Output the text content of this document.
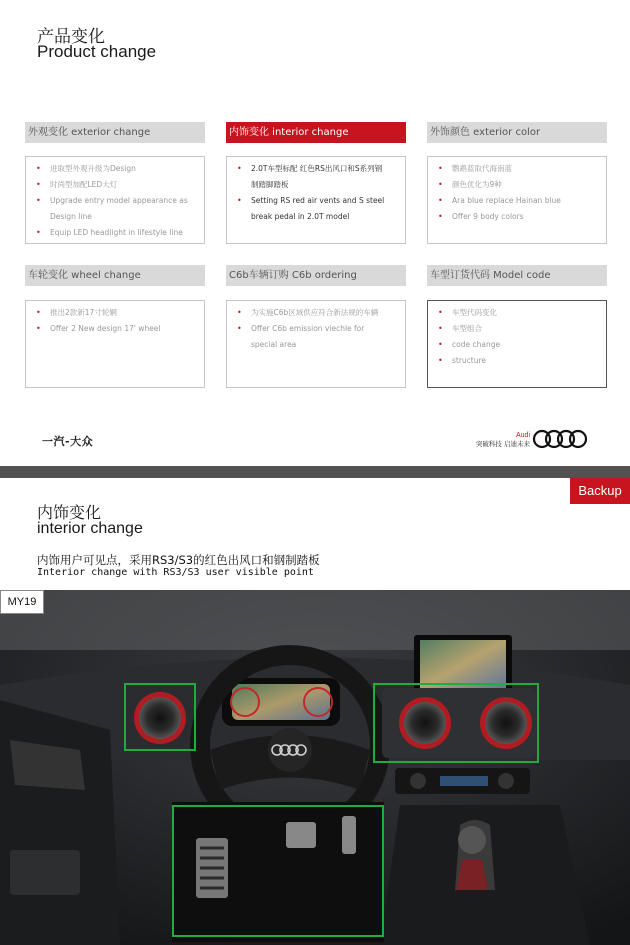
产品变化
Product change
外观变化 exterior change	内饰变化 interior change	外饰颜色 exterior color
• 进取型外观升级为Design
• 时尚型加配LED大灯
• Upgrade entry model appearance as
Design line
• Equip LED headlight in lifestyle line
• 2.0T车型标配 红色RS出风口和S系列钢
制踏脚踏板
• Setting RS red air vents and S steel
break pedal in 2.0T model
• 鹦鹉蓝取代海南蓝
• 颜色优化为9种
• Ara blue replace Hainan blue
• Offer 9 body colors
车轮变化 wheel change	C6b车辆订购 C6b ordering	车型订货代码 Model code
• 推出2款新17寸轮辋
• Offer 2 New design 17' wheel
• 为实施C6b区域供应符合新法规的车辆
• Offer C6b emission viechle for
special area
• 车型代码变化
• 车型组合
• code change
• structure
一汽-大众	Audi
突破科技 启迪未来
Backup
内饰变化
interior change
内饰用户可见点，采用RS3/S3的红色出风口和钢制踏板
Interior change with RS3/S3 user visible point
MY19
